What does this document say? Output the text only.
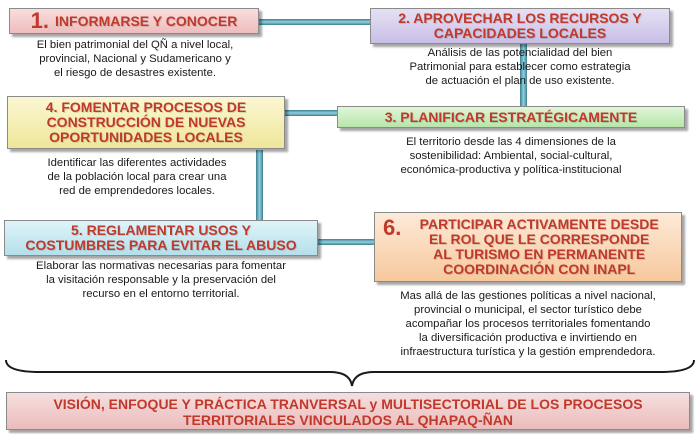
1. INFORMARSE Y CONOCER
El bien patrimonial del QÑ a nivel local,
provincial, Nacional y Sudamericano y
el riesgo de desastres existente.
2. APROVECHAR LOS RECURSOS Y
CAPACIDADES LOCALES
Análisis de las potencialidad del bien
Patrimonial para establecer como estrategia
de actuación el plan de uso existente.
3. PLANIFICAR ESTRATÉGICAMENTE
El territorio desde las 4 dimensiones de la
sostenibilidad: Ambiental, social-cultural,
económica-productiva y política-institucional
4. FOMENTAR PROCESOS DE
CONSTRUCCIÓN DE NUEVAS
OPORTUNIDADES LOCALES
Identificar las diferentes actividades
de la población local para crear una
red de emprendedores locales.
5. REGLAMENTAR USOS Y
COSTUMBRES PARA EVITAR EL ABUSO
Elaborar las normativas necesarias para fomentar
la visitación responsable y la preservación del
recurso en el entorno territorial.
6.	PARTICIPAR ACTIVAMENTE DESDE
EL ROL QUE LE CORRESPONDE
AL TURISMO EN PERMANENTE
COORDINACIÓN CON INAPL
Mas allá de las gestiones políticas a nivel nacional,
provincial o municipal, el sector turístico debe
acompañar los procesos territoriales fomentando
la diversificación productiva e invirtiendo en
infraestructura turística y la gestión emprendedora.
VISIÓN, ENFOQUE Y PRÁCTICA TRANVERSAL y MULTISECTORIAL DE LOS PROCESOS
TERRITORIALES VINCULADOS AL QHAPAQ-ÑAN
